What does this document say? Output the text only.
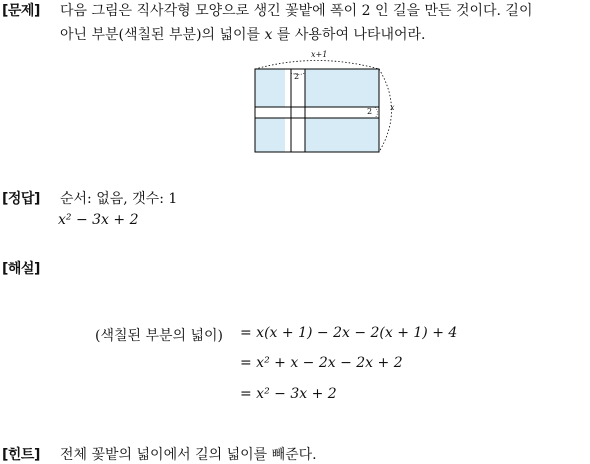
[문제] 다음 그림은 직사각형 모양으로 생긴 꽃밭에 폭이 2 인 길을 만든 것이다. 길이
아닌 부분(색칠된 부분)의 넓이를 x 를 사용하여 나타내어라.
x+1
x
2
2
[정답] 순서: 없음, 갯수: 1
x² − 3x + 2
[해설]
(색칠된 부분의 넓이) = x(x + 1) − 2x − 2(x + 1) + 4
= x² + x − 2x − 2x + 2
= x² − 3x + 2
[힌트] 전체 꽃밭의 넓이에서 길의 넓이를 빼준다.
